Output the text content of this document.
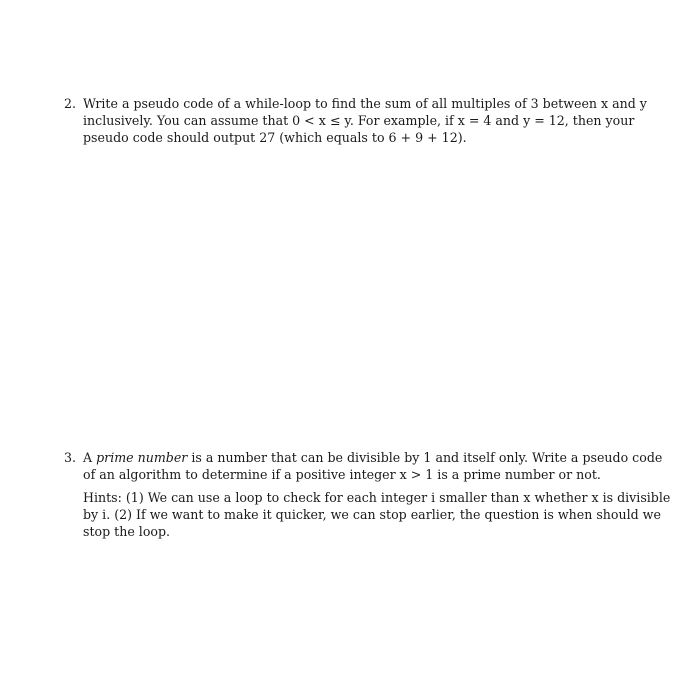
2. Write a pseudo code of a while-loop to find the sum of all multiples of 3 between x and y
inclusively. You can assume that 0 < x ≤ y. For example, if x = 4 and y = 12, then your
pseudo code should output 27 (which equals to 6 + 9 + 12).
3. A prime number is a number that can be divisible by 1 and itself only. Write a pseudo code
of an algorithm to determine if a positive integer x > 1 is a prime number or not.
Hints: (1) We can use a loop to check for each integer i smaller than x whether x is divisible
by i. (2) If we want to make it quicker, we can stop earlier, the question is when should we
stop the loop.
